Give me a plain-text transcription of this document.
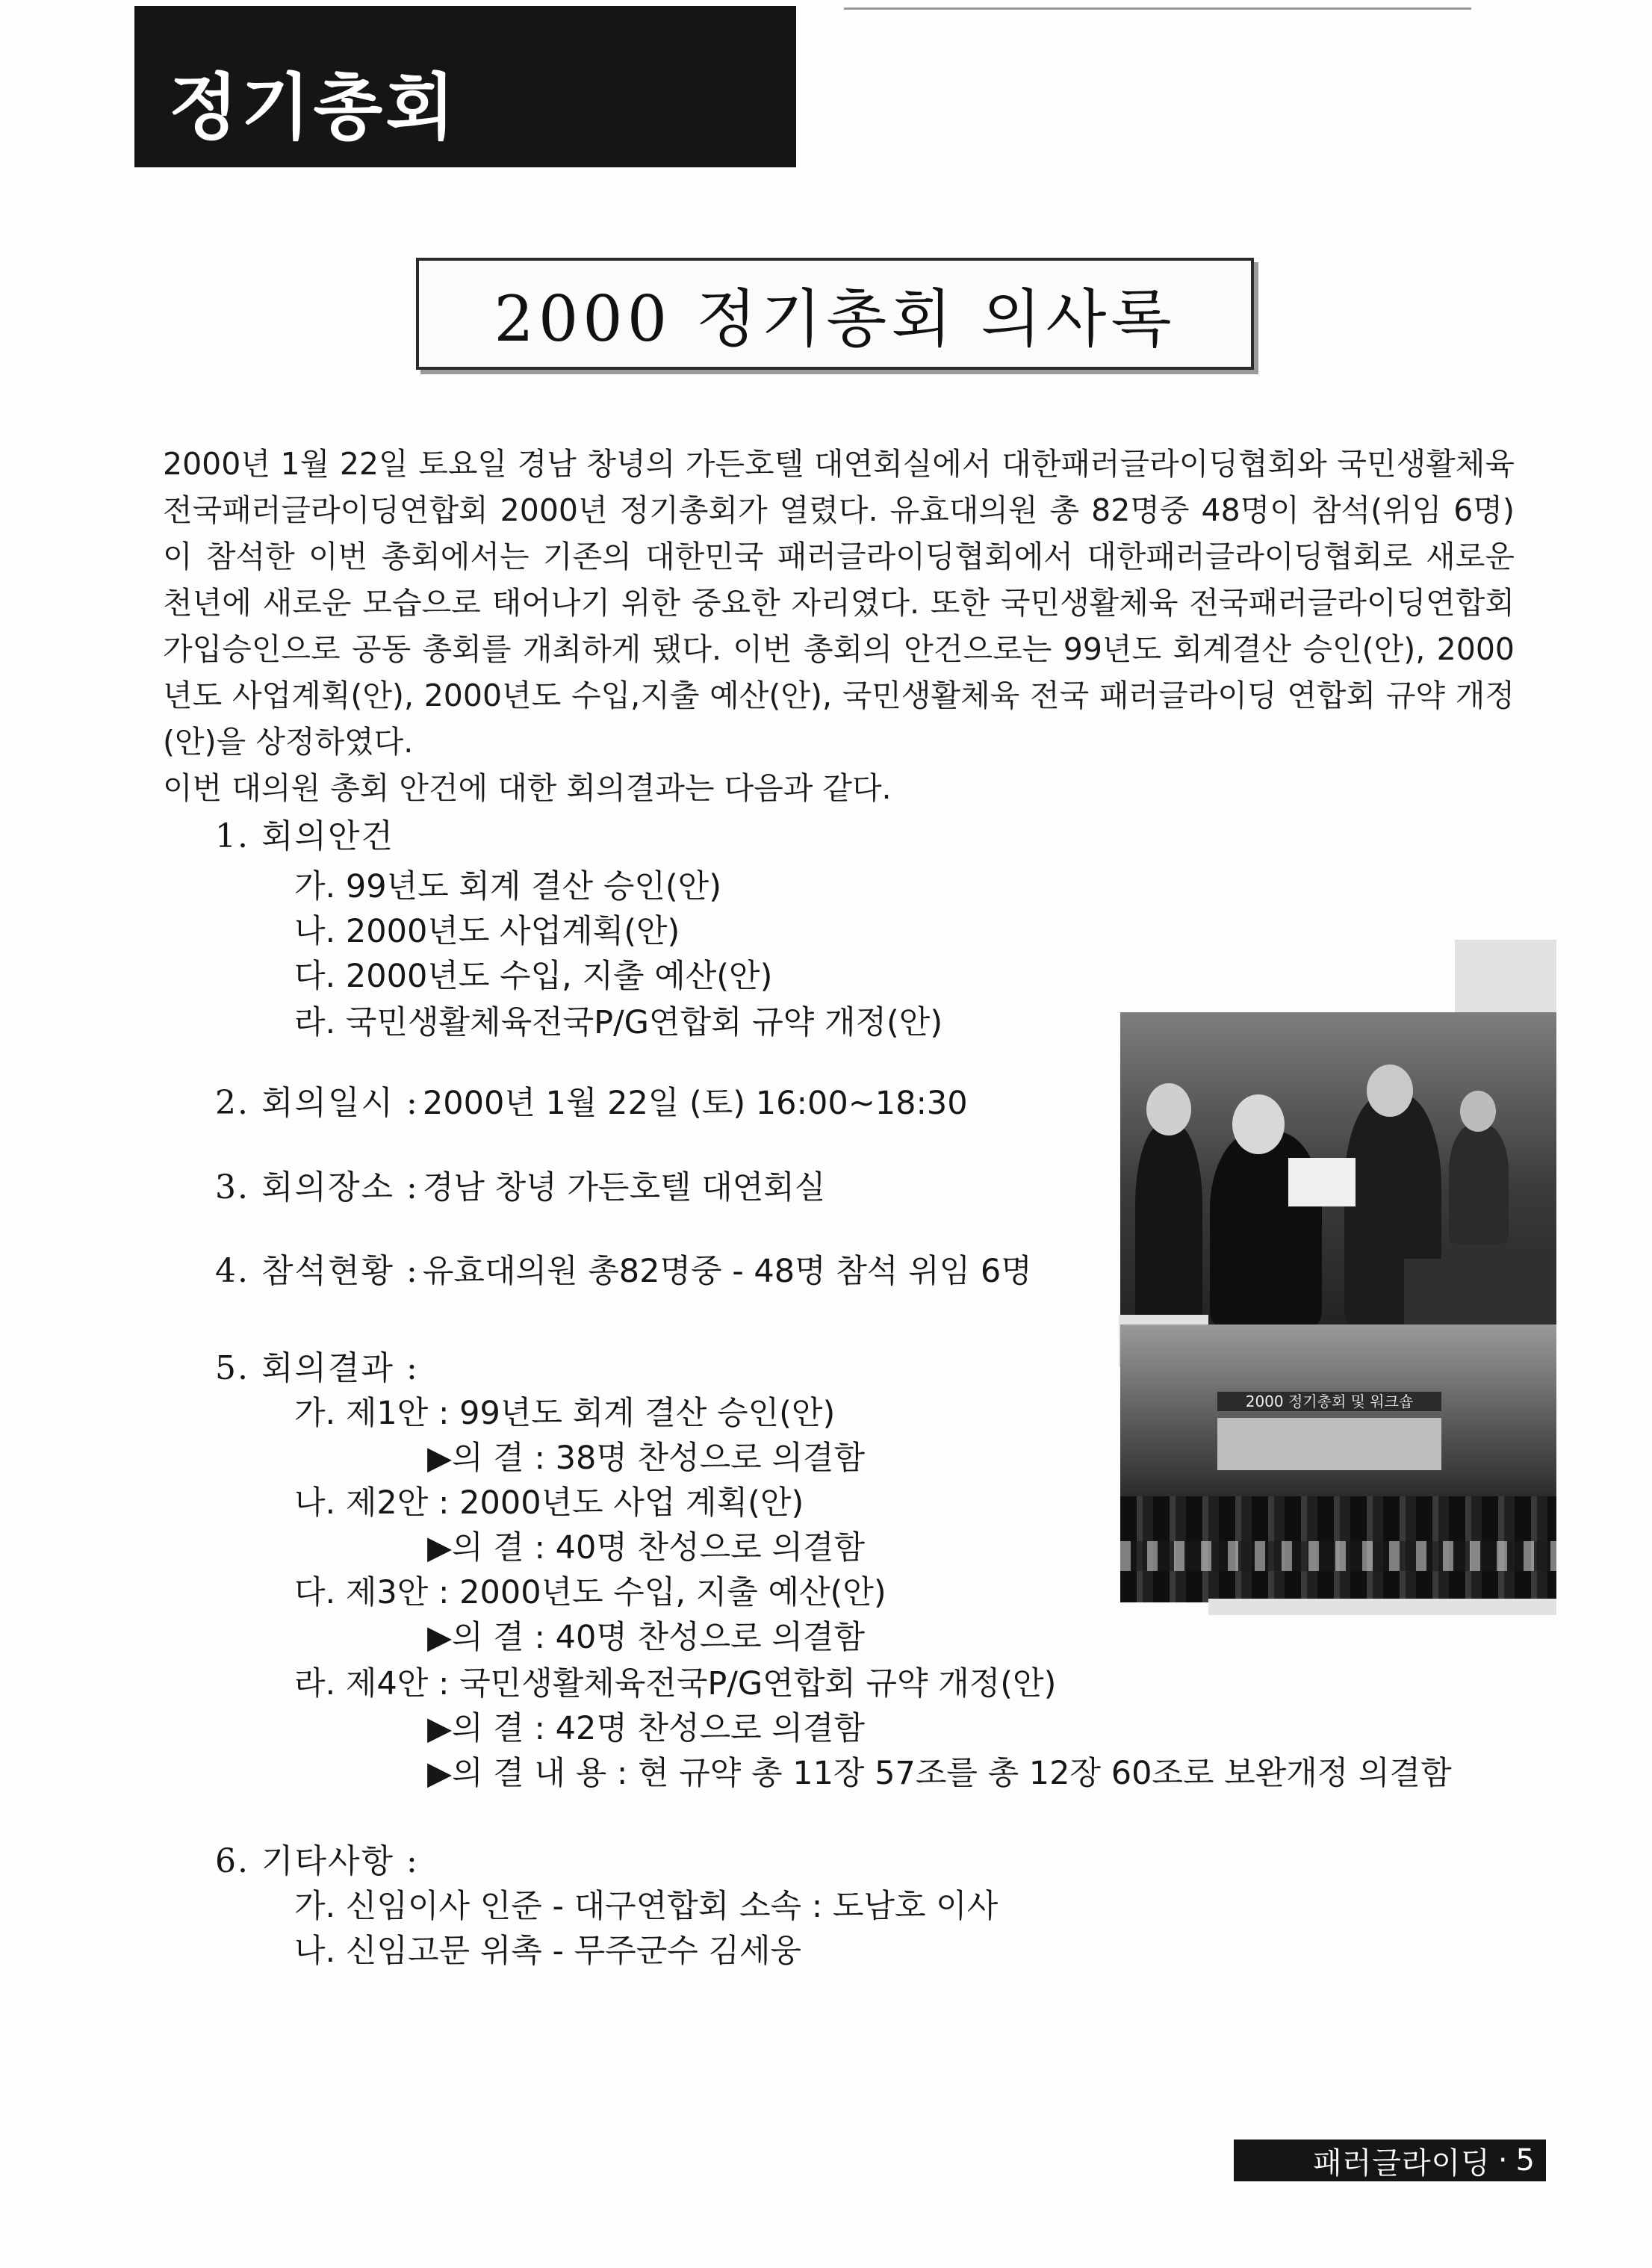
정기총회
2000 정기총회 의사록

2000년 1월 22일 토요일 경남 창녕의 가든호텔 대연회실에서 대한패러글라이딩협회와 국민생활체육 전국패러글라이딩연합회 2000년 정기총회가 열렸다. 유효대의원 총 82명중 48명이 참석(위임 6명)이 참석한 이번 총회에서는 기존의 대한민국 패러글라이딩협회에서 대한패러글라이딩협회로 새로운 천년에 새로운 모습으로 태어나기 위한 중요한 자리였다. 또한 국민생활체육 전국패러글라이딩연합회 가입승인으로 공동 총회를 개최하게 됐다. 이번 총회의 안건으로는 99년도 회계결산 승인(안), 2000년도 사업계획(안), 2000년도 수입,지출 예산(안), 국민생활체육 전국 패러글라이딩 연합회 규약 개정(안)을 상정하였다.

이번 대의원 총회 안건에 대한 회의결과는 다음과 같다.

1. 회의안건
가. 99년도 회계 결산 승인(안)
나. 2000년도 사업계획(안)
다. 2000년도 수입, 지출 예산(안)
라. 국민생활체육전국P/G연합회 규약 개정(안)
2. 회의일시 : 2000년 1월 22일 (토) 16:00~18:30
3. 회의장소 : 경남 창녕 가든호텔 대연회실
4. 참석현황 : 유효대의원 총82명중 - 48명 참석 위임 6명
5. 회의결과 :
가. 제1안 : 99년도 회계 결산 승인(안)
▶의 결 : 38명 찬성으로 의결함
나. 제2안 : 2000년도 사업 계획(안)
▶의 결 : 40명 찬성으로 의결함
다. 제3안 : 2000년도 수입, 지출 예산(안)
▶의 결 : 40명 찬성으로 의결함
라. 제4안 : 국민생활체육전국P/G연합회 규약 개정(안)
▶의 결 : 42명 찬성으로 의결함
▶의 결 내 용 : 현 규약 총 11장 57조를 총 12장 60조로 보완개정 의결함
6. 기타사항 :
가. 신임이사 인준 - 대구연합회 소속 : 도남호 이사
나. 신임고문 위촉 - 무주군수 김세웅
2000 정기총회 및 워크숍
패러글라이딩 · 5
